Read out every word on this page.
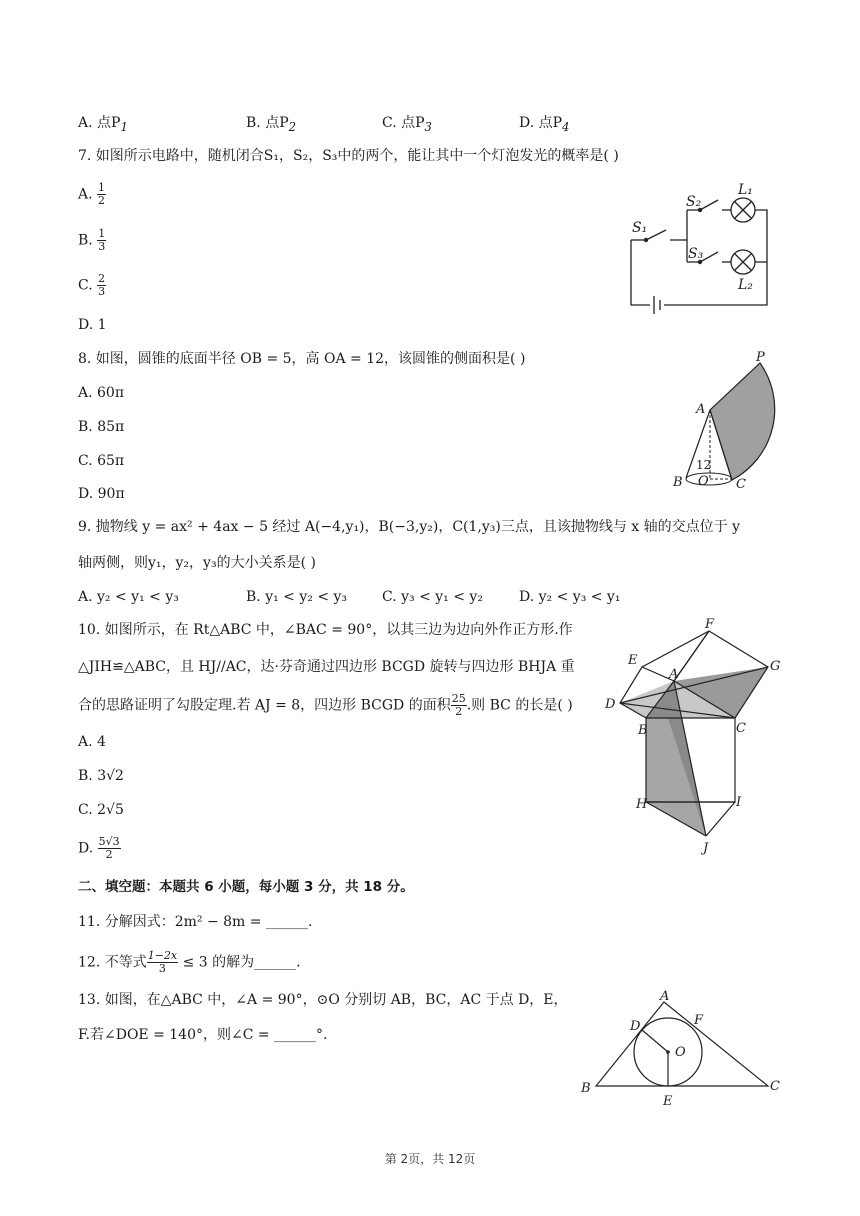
A. 点$P_1$	B. 点$P_2$	C. 点$P_3$	D. 点$P_4$
7. 如图所示电路中，随机闭合S₁，S₂，S₃中的两个，能让其中一个灯泡发光的概率是( )
A. $\frac{1}{2}$
B. $\frac{1}{3}$
C. $\frac{2}{3}$
D. 1
S₁
S₂
S₃
L₁
L₂
8. 如图，圆锥的底面半径 OB = 5，高 OA = 12，该圆锥的侧面积是( )
A. 60π
B. 85π
C. 65π
D. 90π
P
A
B O C
12
9. 抛物线 y = ax² + 4ax − 5 经过 A(−4,y₁)，B(−3,y₂)，C(1,y₃)三点，且该抛物线与 x 轴的交点位于 y
轴两侧，则y₁，y₂，y₃的大小关系是( )
A. y₂ < y₁ < y₃	B. y₁ < y₂ < y₃ C. y₃ < y₁ < y₂	D. y₂ < y₃ < y₁
10. 如图所示，在 Rt△ABC 中，∠BAC = 90°，以其三边为边向外作正方形.作
△JIH≌△ABC，且 HJ//AC，达·芬奇通过四边形 BCGD 旋转与四边形 BHJA 重
合的思路证明了勾股定理.若 AJ = 8，四边形 BCGD 的面积 $\frac{25}{2}$ .则 BC 的长是( )
A. 4
B. 3√2
C. 2√5
D. $\frac{5√3}{2}$
F
E	G
A
D
B	C
H	I
J
二、填空题：本题共 6 小题，每小题 3 分，共 18 分。
11. 分解因式：2m² − 8m = ______.
12. 不等式 $\frac{1-2x}{3} \le 3$ 的解为______.
13. 如图，在△ABC 中，∠A = 90°，⊙O 分别切 AB，BC，AC 于点 D，E，
F.若∠DOE = 140°，则∠C = ______°.
A
B	C
D
E
F
O
第 2页，共 12页
